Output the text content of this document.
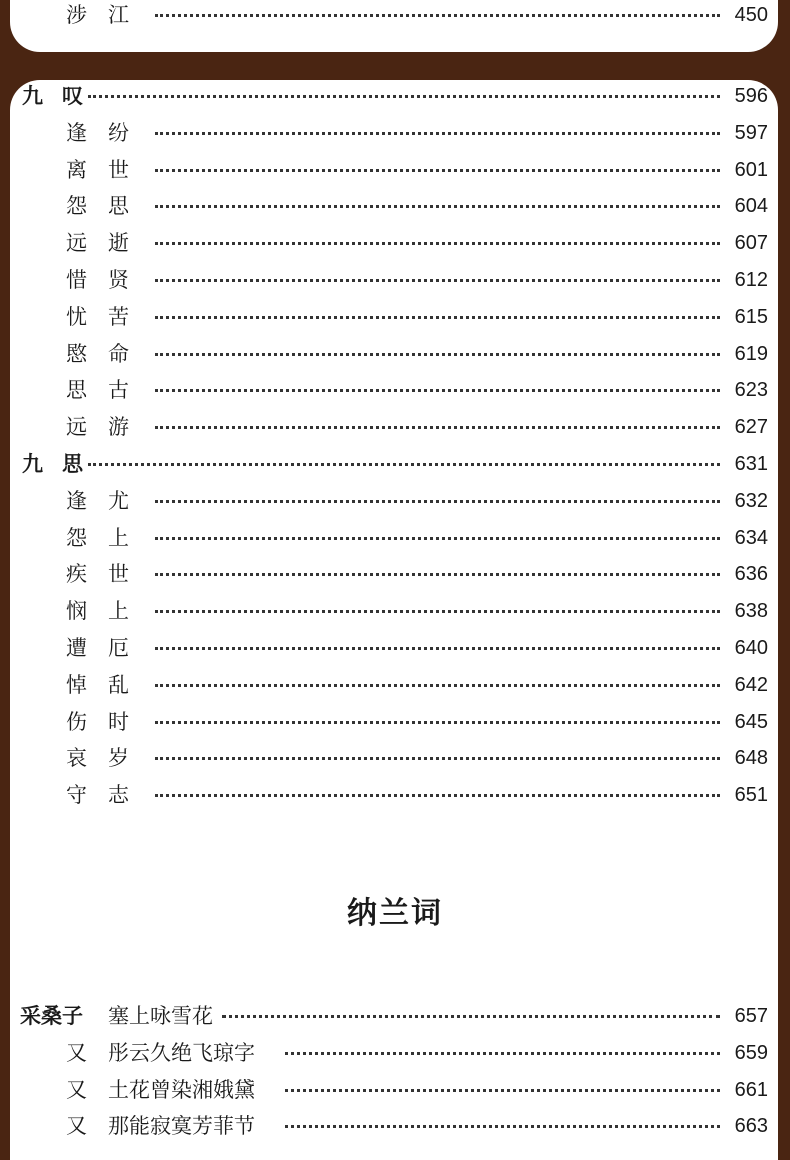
涉 江	450
九 叹	596
逢 纷	597
离 世	601
怨 思	604
远 逝	607
惜 贤	612
忧 苦	615
愍 命	619
思 古	623
远 游	627
九 思	631
逢 尤	632
怨 上	634
疾 世	636
悯 上	638
遭 厄	640
悼 乱	642
伤 时	645
哀 岁	648
守 志	651
纳兰词
采桑子 塞上咏雪花	657
又 彤云久绝飞琼字	659
又 土花曾染湘娥黛	661
又 那能寂寞芳菲节	663
